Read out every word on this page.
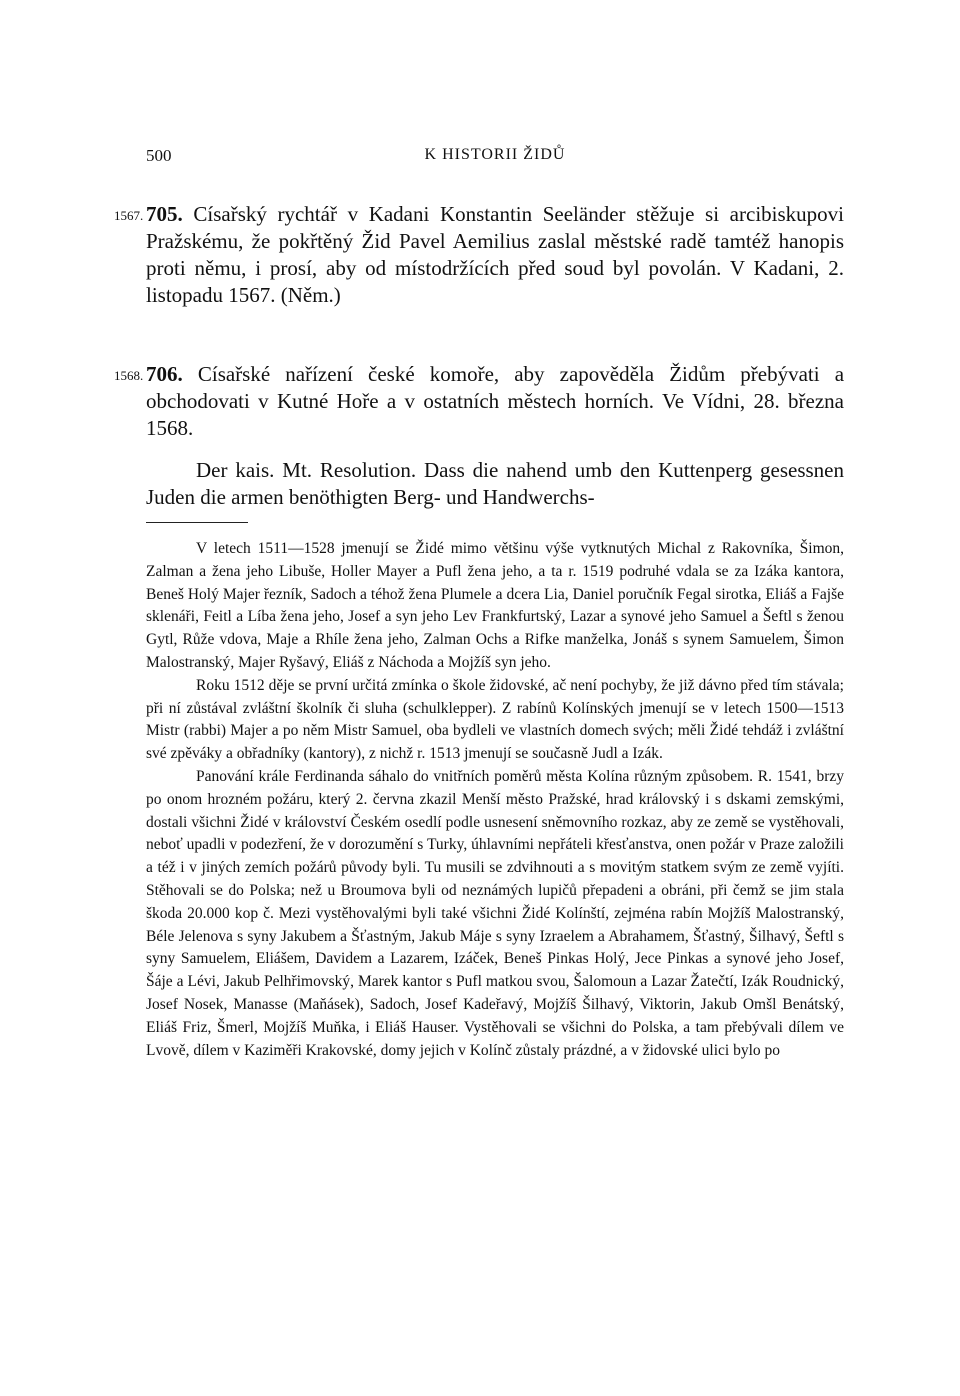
500	K HISTORII ŽIDŮ
1567. 705. Císařský rychtář v Kadani Konstantin Seeländer stěžuje si arcibiskupovi Pražskému, že pokřtěný Žid Pavel Aemilius zaslal městské radě tamtéž hanopis proti němu, i prosí, aby od místodržících před soud byl povolán. V Kadani, 2. listopadu 1567. (Něm.)

1568. 706. Císařské nařízení české komoře, aby zapověděla Židům přebývati a obchodovati v Kutné Hoře a v ostatních městech horních. Ve Vídni, 28. března 1568.

Der kais. Mt. Resolution. Dass die nahend umb den Kuttenperg gesessnen Juden die armen benöthigten Berg- und Handwerchs-

V letech 1511—1528 jmenují se Židé mimo většinu výše vytknutých Michal z Rakovníka, Šimon, Zalman a žena jeho Libuše, Holler Mayer a Pufl žena jeho, a ta r. 1519 podruhé vdala se za Izáka kantora, Beneš Holý Majer řezník, Sadoch a téhož žena Plumele a dcera Lia, Daniel poručník Fegal sirotka, Eliáš a Fajše sklenáři, Feitl a Líba žena jeho, Josef a syn jeho Lev Frankfurtský, Lazar a synové jeho Samuel a Šeftl s ženou Gytl, Růže vdova, Maje a Rhíle žena jeho, Zalman Ochs a Rifke manželka, Jonáš s synem Samuelem, Šimon Malostranský, Majer Ryšavý, Eliáš z Náchoda a Mojžíš syn jeho.

Roku 1512 děje se první určitá zmínka o škole židovské, ač není pochyby, že již dávno před tím stávala; při ní zůstával zvláštní školník či sluha (schulklepper). Z rabínů Kolínských jmenují se v letech 1500—1513 Mistr (rabbi) Majer a po něm Mistr Samuel, oba bydleli ve vlastních domech svých; měli Židé tehdáž i zvláštní své zpěváky a obřadníky (kantory), z nichž r. 1513 jmenují se současně Judl a Izák.

Panování krále Ferdinanda sáhalo do vnitřních poměrů města Kolína různým způsobem. R. 1541, brzy po onom hrozném požáru, který 2. června zkazil Menší město Pražské, hrad královský i s dskami zemskými, dostali všichni Židé v království Českém osedlí podle usnesení sněmovního rozkaz, aby ze země se vystěhovali, neboť upadli v podezření, že v dorozumění s Turky, úhlavními nepřáteli křesťanstva, onen požár v Praze založili a též i v jiných zemích požárů původy byli. Tu musili se zdvihnouti a s movitým statkem svým ze země vyjíti. Stěhovali se do Polska; než u Broumova byli od neznámých lupičů přepadeni a obráni, při čemž se jim stala škoda 20.000 kop č. Mezi vystěhovalými byli také všichni Židé Kolínští, zejména rabín Mojžíš Malostranský, Béle Jelenova s syny Jakubem a Šťastným, Jakub Máje s syny Izraelem a Abrahamem, Šťastný, Šilhavý, Šeftl s syny Samuelem, Eliášem, Davidem a Lazarem, Izáček, Beneš Pinkas Holý, Jece Pinkas a synové jeho Josef, Šáje a Lévi, Jakub Pelhřimovský, Marek kantor s Pufl matkou svou, Šalomoun a Lazar Žatečtí, Izák Roudnický, Josef Nosek, Manasse (Maňásek), Sadoch, Josef Kadeřavý, Mojžíš Šilhavý, Viktorin, Jakub Omšl Benátský, Eliáš Friz, Šmerl, Mojžíš Muňka, i Eliáš Hauser. Vystěhovali se všichni do Polska, a tam přebývali dílem ve Lvově, dílem v Kaziměři Krakovské, domy jejich v Kolínč zůstaly prázdné, a v židovské ulici bylo po
